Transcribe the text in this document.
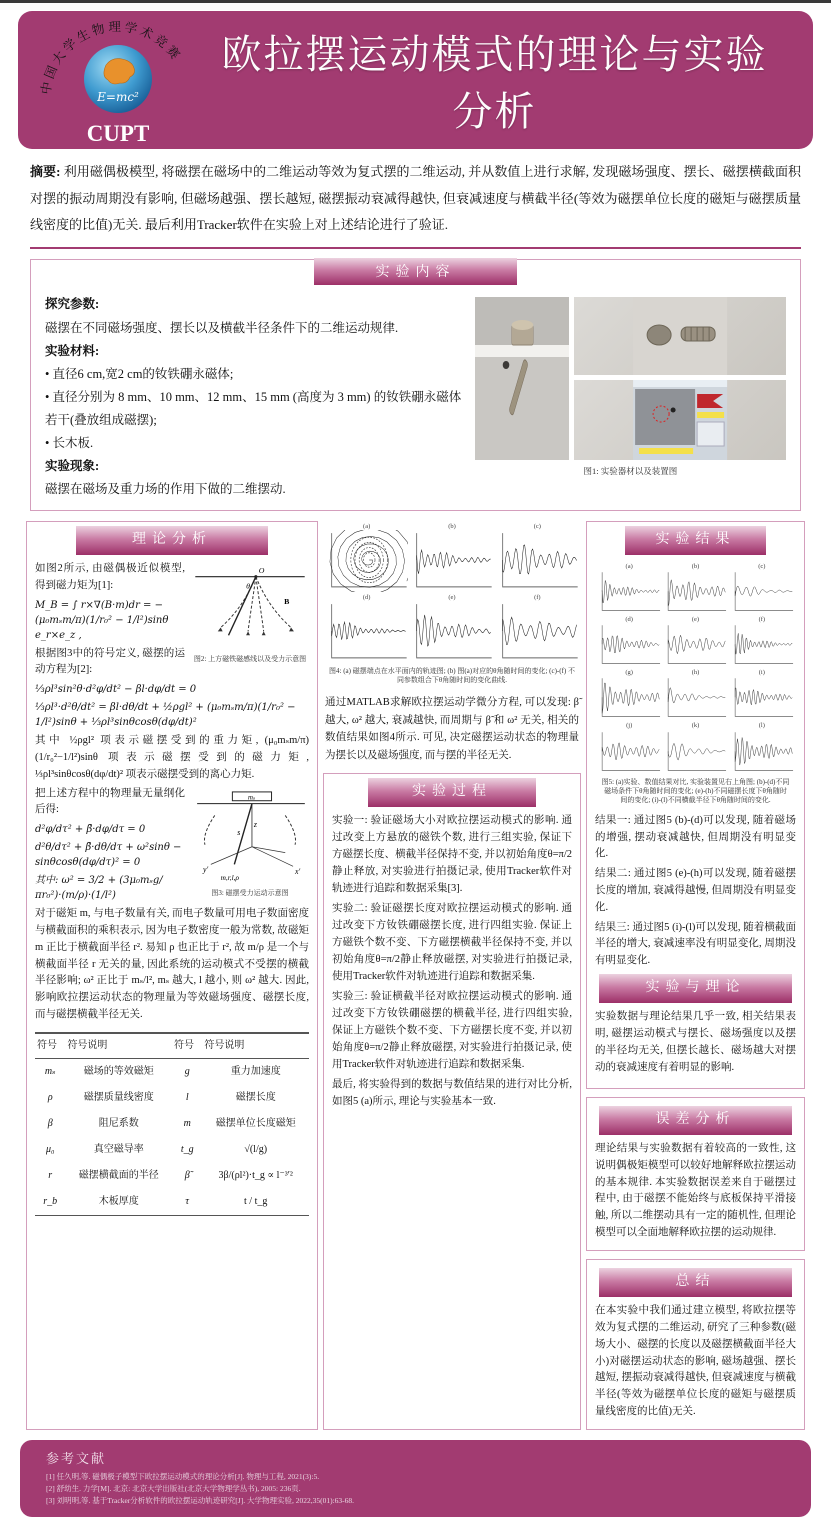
E=mc²
中国大学生物理学术竞赛
CUPT
欧拉摆运动模式的理论与实验分析

摘要: 利用磁偶极模型, 将磁摆在磁场中的二维运动等效为复式摆的二维运动, 并从数值上进行求解, 发现磁场强度、摆长、磁摆横截面积对摆的振动周期没有影响, 但磁场越强、摆长越短, 磁摆振动衰减得越快, 但衰减速度与横截半径(等效为磁摆单位长度的磁矩与磁摆质量线密度的比值)无关. 最后利用Tracker软件在实验上对上述结论进行了验证.

实验内容
探究参数:
磁摆在不同磁场强度、摆长以及横截半径条件下的二维运动规律.
实验材料:
• 直径6 cm,宽2 cm的钕铁硼永磁体;
• 直径分别为 8 mm、10 mm、12 mm、15 mm (高度为 3 mm) 的钕铁硼永磁体若干(叠放组成磁摆);
• 长木板.
实验现象:
磁摆在磁场及重力场的作用下做的二维摆动.
图1: 实验器材以及装置图
理论分析
O
θ
B
图2: 上方磁铁磁感线以及受力示意图

如图2所示, 由磁偶极近似模型, 得到磁力矩为[1]:

M_B = ∫ r×∇(B·m)dr = −(μ₀mₛm/π)(1/r₀² − 1/l²)sinθ e_r×e_z ,

根据图3中的符号定义, 磁摆的运动方程为[2]:

⅓ρl³sin²θ·d²φ/dt² − βl·dφ/dt = 0

⅓ρl³·d²θ/dt² = βl·dθ/dt + ½ρgl² + (μ₀mₛm/π)(1/r₀² − 1/l²)sinθ + ⅓ρl³sinθcosθ(dφ/dt)²

其中 ½ρgl² 项表示磁摆受到的重力矩, (μ₀mₛm/π)(1/r₀²−1/l²)sinθ 项表示磁摆受到的磁力矩, ⅓ρl³sinθcosθ(dφ/dt)² 项表示磁摆受到的离心力矩.

mₛ
z
s
y′	x′
m,r,l,ρ
图3: 磁摆受力运动示意图

把上述方程中的物理量无量纲化后得:

d²φ/dτ² + β̃·dφ/dτ = 0

d²θ/dτ² + β̃·dθ/dτ + ω²sinθ − sinθcosθ(dφ/dτ)² = 0

其中: ω² = 3/2 + (3μ₀mₛg/πr₀²)·(m/ρ)·(1/l²)

对于磁矩 m, 与电子数量有关, 而电子数量可用电子数面密度与横截面积的乘积表示, 因为电子数密度一般为常数, 故磁矩 m 正比于横截面半径 r². 易知 ρ 也正比于 r², 故 m/ρ 是一个与横截面半径 r 无关的量, 因此系统的运动模式不受摆的横截半径影响; ω² 正比于 mₛ/l², mₛ 越大, l 越小, 则 ω² 越大. 因此, 影响欧拉摆运动状态的物理量为等效磁场强度、磁摆长度, 而与磁摆横截半径无关.

符号	符号说明	符号	符号说明
mₛ	磁场的等效磁矩	g	重力加速度
ρ	磁摆质量线密度	l	磁摆长度
β	阻尼系数	m	磁摆单位长度磁矩
μ₀	真空磁导率	t_g	√(l/g)
r	磁摆横截面的半径	β̃	3β/(ρl²)·t_g ∝ l⁻³′²
r_b	木板厚度	τ	t / t_g
(a)	(b)	(c)
(d)	(e)	(f)
图4: (a) 磁摆端点在水平面内的轨迹图; (b) 图(a)对应的θ角随时间的变化; (c)-(f) 不同参数组合下θ角随时间的变化曲线.

通过MATLAB求解欧拉摆运动学微分方程, 可以发现: β̃ 越大, ω² 越大, 衰减越快, 而周期与 β̃ 和 ω² 无关, 相关的数值结果如图4所示. 可见, 决定磁摆运动状态的物理量为摆长以及磁场强度, 而与摆的半径无关.

实验过程
实验一: 验证磁场大小对欧拉摆运动模式的影响. 通过改变上方悬放的磁铁个数, 进行三组实验, 保证下方磁摆长度、横截半径保持不变, 并以初始角度θ=π/2静止释放, 对实验进行拍摄记录, 使用Tracker软件对轨迹进行追踪和数据采集[3].
实验二: 验证磁摆长度对欧拉摆运动模式的影响. 通过改变下方钕铁硼磁摆长度, 进行四组实验. 保证上方磁铁个数不变、下方磁摆横截半径保持不变, 并以初始角度θ=π/2静止释放磁摆, 对实验进行拍摄记录, 使用Tracker软件对轨迹进行追踪和数据采集.
实验三: 验证横截半径对欧拉摆运动模式的影响. 通过改变下方钕铁硼磁摆的横截半径, 进行四组实验, 保证上方磁铁个数不变、下方磁摆长度不变, 并以初始角度θ=π/2静止释放磁摆, 对实验进行拍摄记录, 使用Tracker软件对轨迹进行追踪和数据采集.
最后, 将实验得到的数据与数值结果的进行对比分析, 如图5 (a)所示, 理论与实验基本一致.
实验结果
(a)	(b)	(c)
(d)	(e)	(f)
(g)	(h)	(i)
(j)	(k)	(l)
图5: (a)实验、数值结果对比, 实验装置见右上角图; (b)-(d)不同磁场条件下θ角随时间的变化; (e)-(h)不同磁摆长度下θ角随时间的变化; (i)-(l)不同横截半径下θ角随时间的变化.

结果一: 通过图5 (b)-(d)可以发现, 随着磁场的增强, 摆动衰减越快, 但周期没有明显变化.

结果二: 通过图5 (e)-(h)可以发现, 随着磁摆长度的增加, 衰减得越慢, 但周期没有明显变化.

结果三: 通过图5 (i)-(l)可以发现, 随着横截面半径的增大, 衰减速率没有明显变化, 周期没有明显变化.

实验与理论

实验数据与理论结果几乎一致, 相关结果表明, 磁摆运动模式与摆长、磁场强度以及摆的半径均无关, 但摆长越长、磁场越大对摆动的衰减速度有着明显的影响.

误差分析

理论结果与实验数据有着较高的一致性, 这说明偶极矩模型可以较好地解释欧拉摆运动的基本规律. 本实验数据误差来自于磁摆过程中, 由于磁摆不能始终与底板保持平滑接触, 所以二维摆动具有一定的随机性, 但理论模型可以全面地解释欧拉摆的运动规律.

总结

在本实验中我们通过建立模型, 将欧拉摆等效为复式摆的二维运动, 研究了三种参数(磁场大小、磁摆的长度以及磁摆横截面半径大小)对磁摆运动状态的影响, 磁场越强、摆长越短, 摆振动衰减得越快, 但衰减速度与横截半径(等效为磁摆单位长度的磁矩与磁摆质量线密度的比值)无关.

参考文献
[1] 任久明,等. 磁偶极子模型下欧拉摆运动模式的理论分析[J]. 物理与工程, 2021(3):5.
[2] 舒幼生. 力学[M]. 北京: 北京大学出版社(北京大学物理学丛书), 2005: 236页.
[3] 刘明明,等. 基于Tracker分析软件的欧拉摆运动轨迹研究[J]. 大学物理实验, 2022,35(01):63-68.
